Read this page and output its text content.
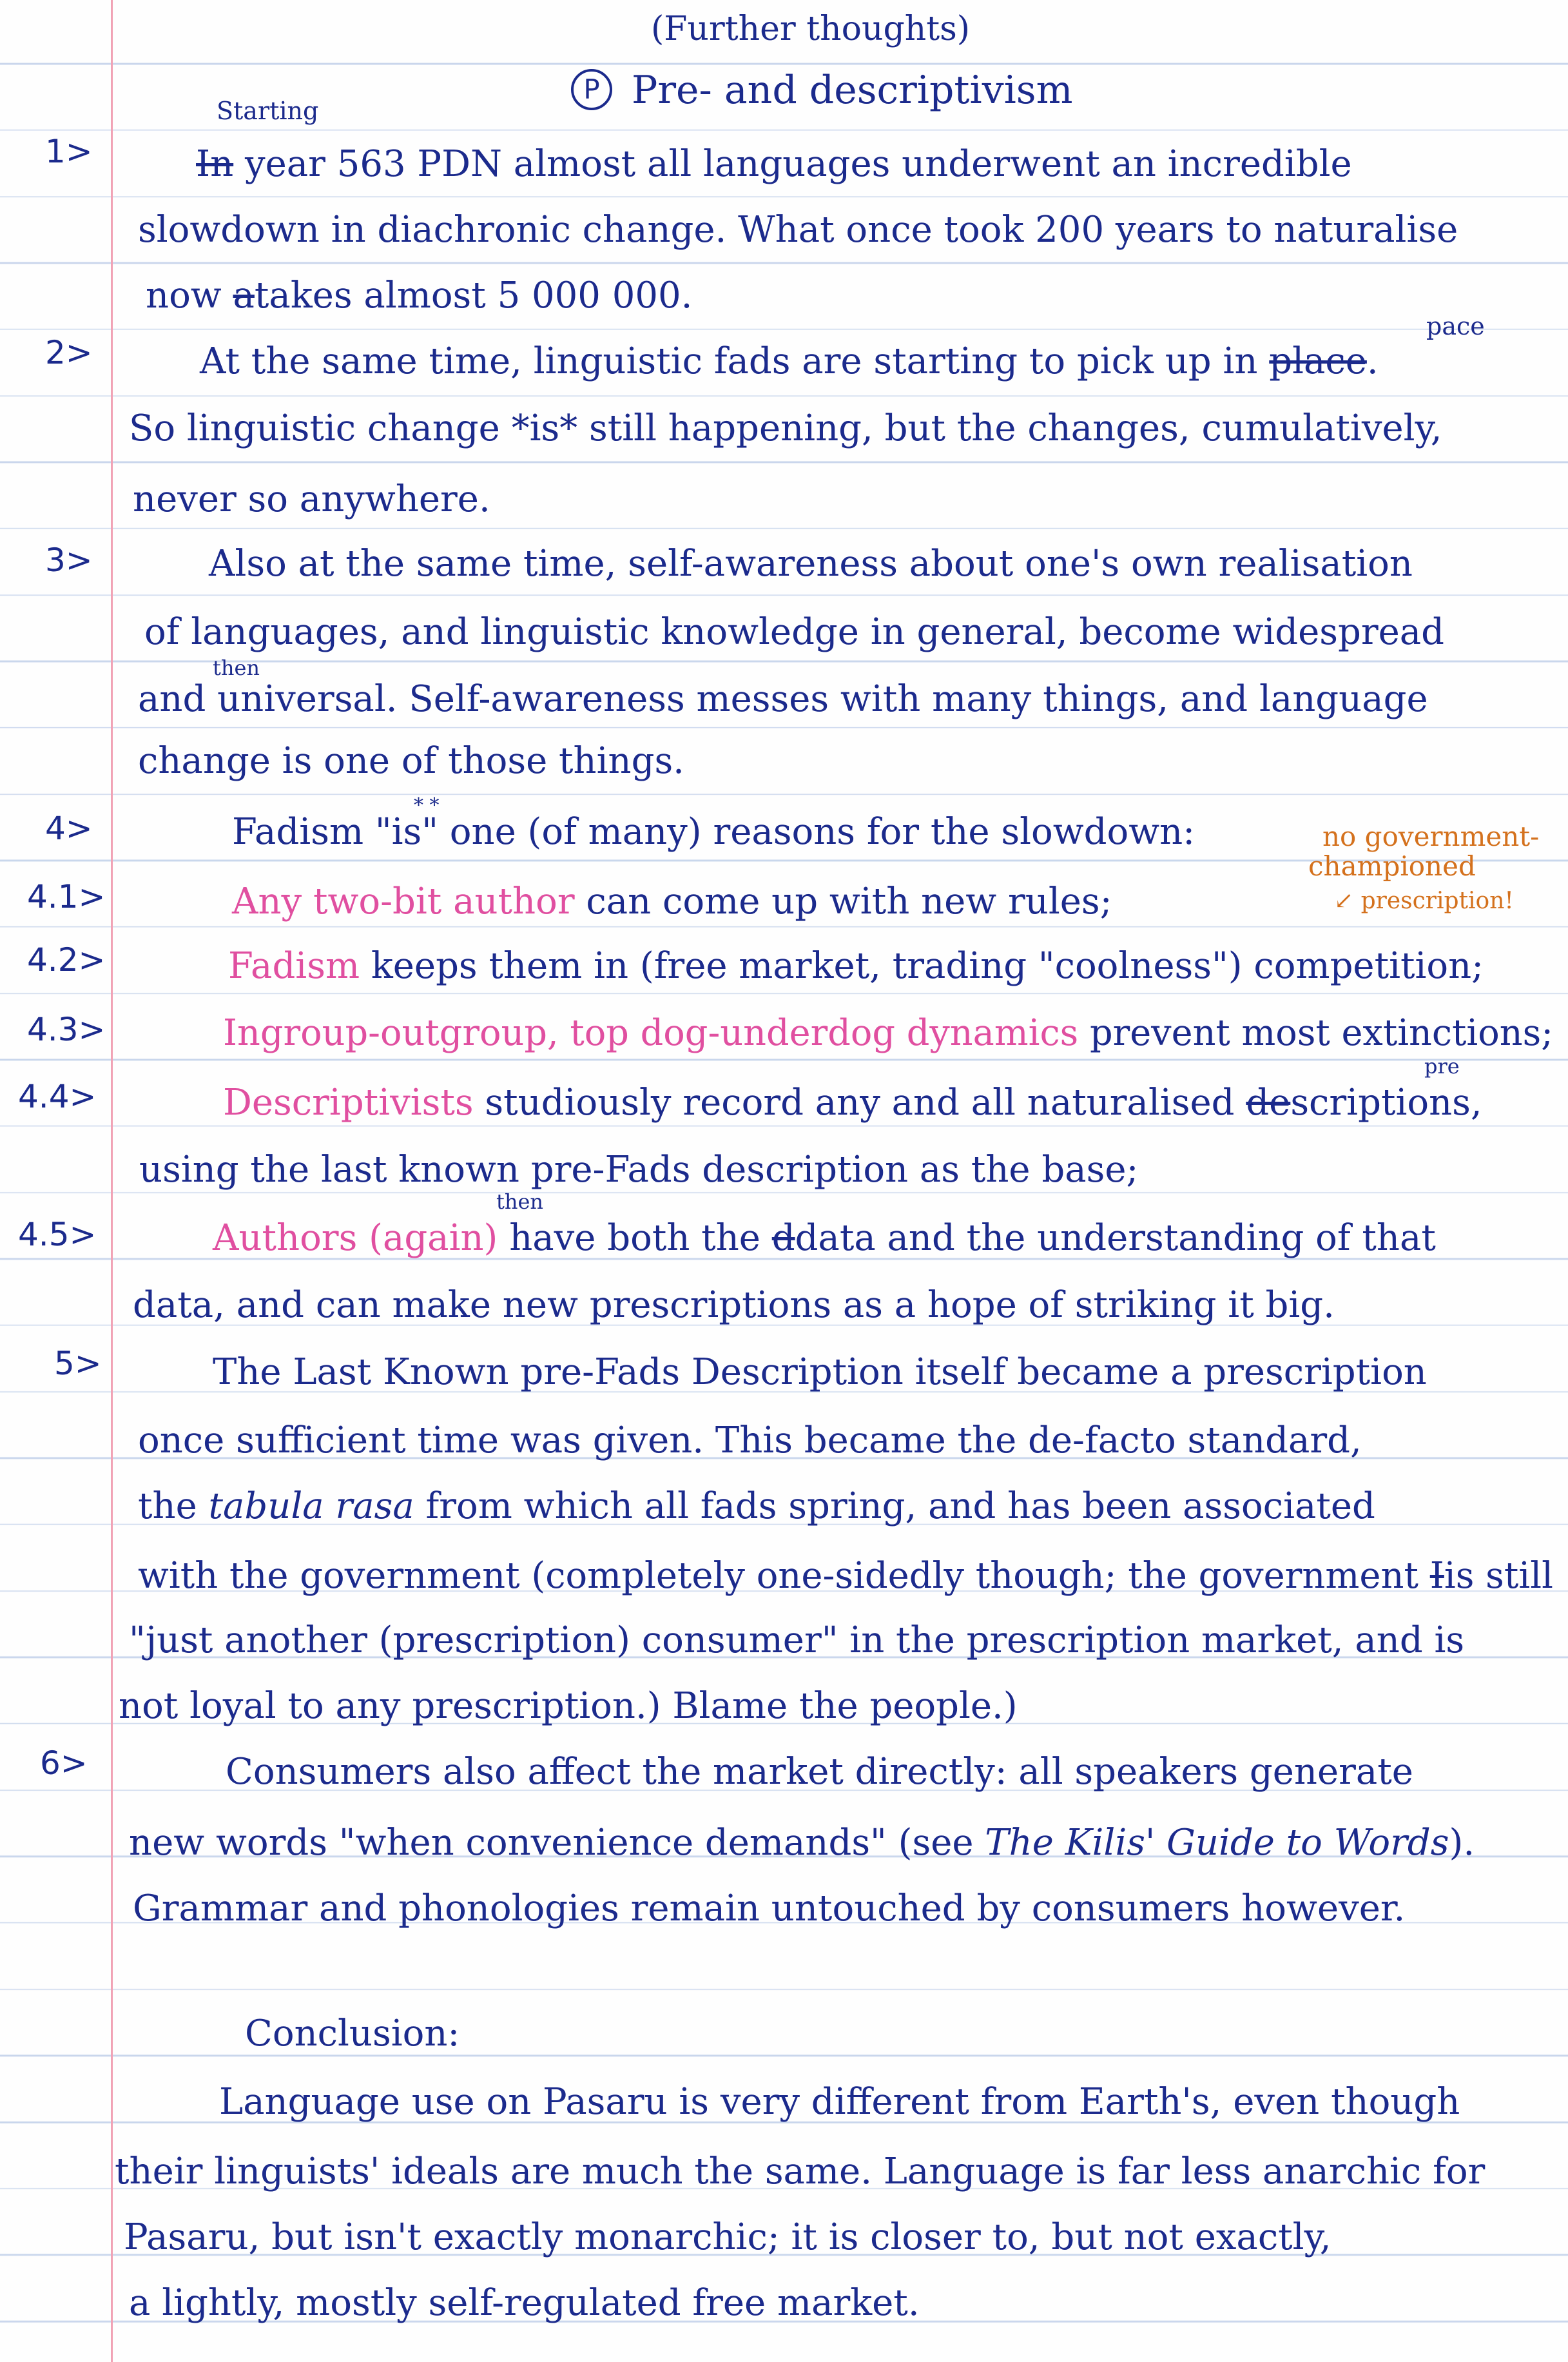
(Further thoughts)
P Pre- and descriptivism
1>
Starting
In year 563 PDN almost all languages underwent an incredible
slowdown in diachronic change. What once took 200 years to naturalise
now atakes almost 5 000 000.
2>
pace
At the same time, linguistic fads are starting to pick up in place.
So linguistic change *is* still happening, but the changes, cumulatively,
never so anywhere.
3>	Also at the same time, self-awareness about one's own realisation
of languages, and linguistic knowledge in general, become widespread
then
and universal. Self-awareness messes with many things, and language
change is one of those things.
4>
* *
Fadism "is" one (of many) reasons for the slowdown:	no government-
championed
↙ prescription!
4.1>	Any two-bit author can come up with new rules;
4.2>	Fadism keeps them in (free market, trading "coolness") competition;
4.3>	Ingroup-outgroup, top dog-underdog dynamics prevent most extinctions;
4.4>
pre
Descriptivists studiously record any and all naturalised descriptions,
using the last known pre-Fads description as the base;
4.5>
then
Authors (again) have both the ddata and the understanding of that
data, and can make new prescriptions as a hope of striking it big.
5>	The Last Known pre-Fads Description itself became a prescription
once sufficient time was given. This became the de-facto standard,
the tabula rasa from which all fads spring, and has been associated
with the government (completely one-sidedly though; the government Iis still
"just another (prescription) consumer" in the prescription market, and is
not loyal to any prescription.) Blame the people.)
6>	Consumers also affect the market directly: all speakers generate
new words "when convenience demands" (see The Kilis' Guide to Words).
Grammar and phonologies remain untouched by consumers however.
Conclusion:
Language use on Pasaru is very different from Earth's, even though
their linguists' ideals are much the same. Language is far less anarchic for
Pasaru, but isn't exactly monarchic; it is closer to, but not exactly,
a lightly, mostly self-regulated free market.
